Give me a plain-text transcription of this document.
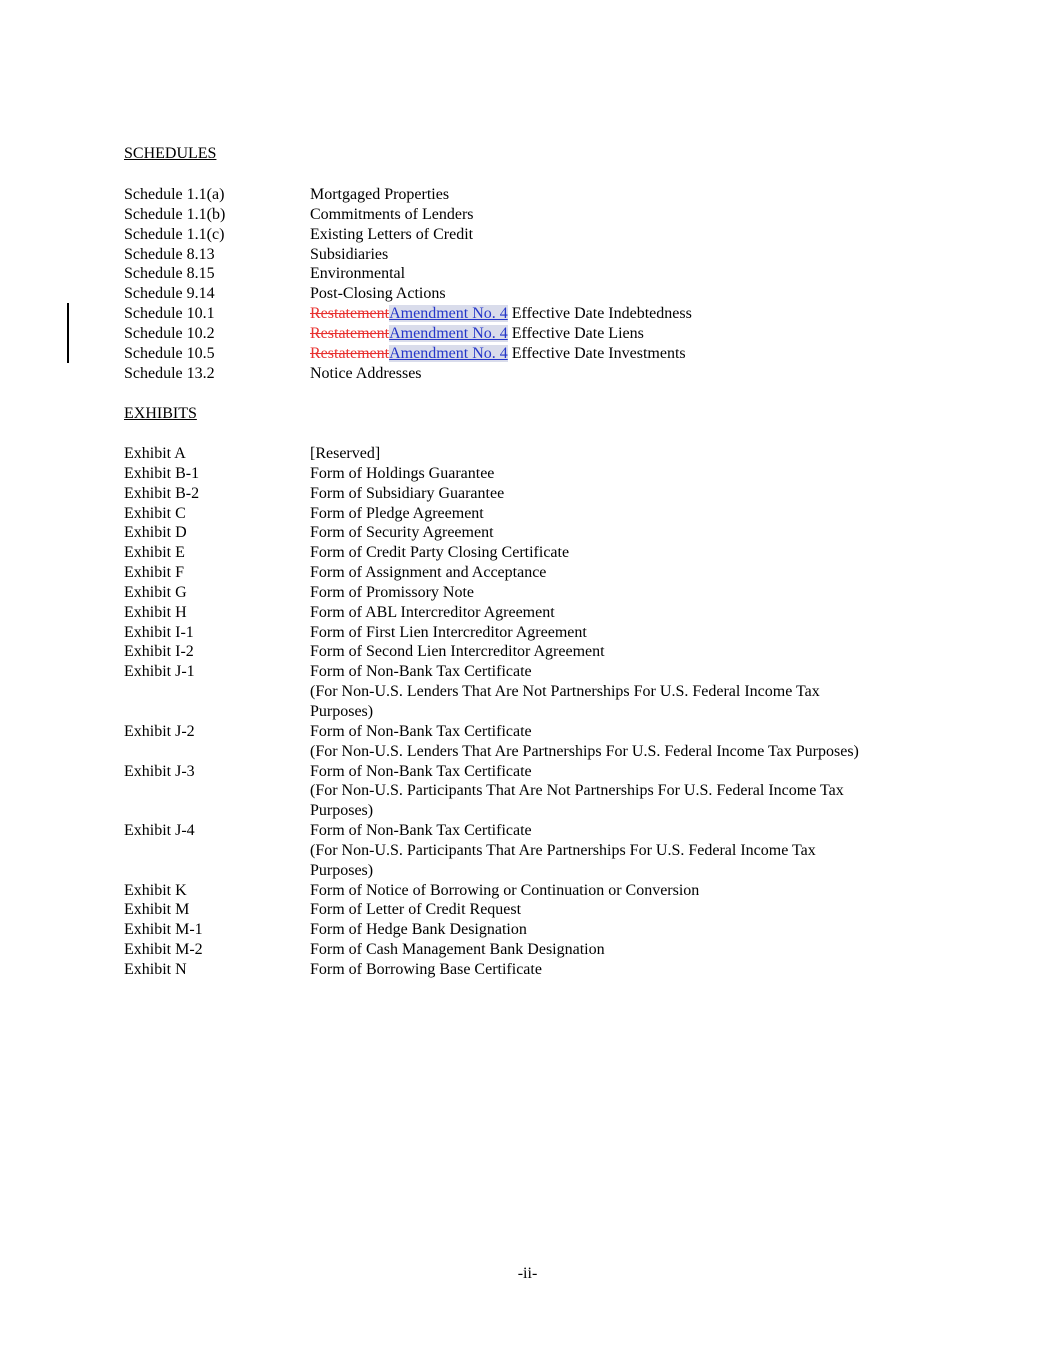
SCHEDULES
Schedule 1.1(a)	Mortgaged Properties
Schedule 1.1(b)	Commitments of Lenders
Schedule 1.1(c)	Existing Letters of Credit
Schedule 8.13	Subsidiaries
Schedule 8.15	Environmental
Schedule 9.14	Post-Closing Actions
Schedule 10.1	RestatementAmendment No. 4 Effective Date Indebtedness
Schedule 10.2	RestatementAmendment No. 4 Effective Date Liens
Schedule 10.5	RestatementAmendment No. 4 Effective Date Investments
Schedule 13.2	Notice Addresses
EXHIBITS
Exhibit A	[Reserved]
Exhibit B-1	Form of Holdings Guarantee
Exhibit B-2	Form of Subsidiary Guarantee
Exhibit C	Form of Pledge Agreement
Exhibit D	Form of Security Agreement
Exhibit E	Form of Credit Party Closing Certificate
Exhibit F	Form of Assignment and Acceptance
Exhibit G	Form of Promissory Note
Exhibit H	Form of ABL Intercreditor Agreement
Exhibit I-1	Form of First Lien Intercreditor Agreement
Exhibit I-2	Form of Second Lien Intercreditor Agreement
Exhibit J-1	Form of Non-Bank Tax Certificate
(For Non-U.S. Lenders That Are Not Partnerships For U.S. Federal Income Tax
Purposes)
Exhibit J-2	Form of Non-Bank Tax Certificate
(For Non-U.S. Lenders That Are Partnerships For U.S. Federal Income Tax Purposes)
Exhibit J-3	Form of Non-Bank Tax Certificate
(For Non-U.S. Participants That Are Not Partnerships For U.S. Federal Income Tax
Purposes)
Exhibit J-4	Form of Non-Bank Tax Certificate
(For Non-U.S. Participants That Are Partnerships For U.S. Federal Income Tax
Purposes)
Exhibit K	Form of Notice of Borrowing or Continuation or Conversion
Exhibit M	Form of Letter of Credit Request
Exhibit M-1	Form of Hedge Bank Designation
Exhibit M-2	Form of Cash Management Bank Designation
Exhibit N	Form of Borrowing Base Certificate
-ii-
